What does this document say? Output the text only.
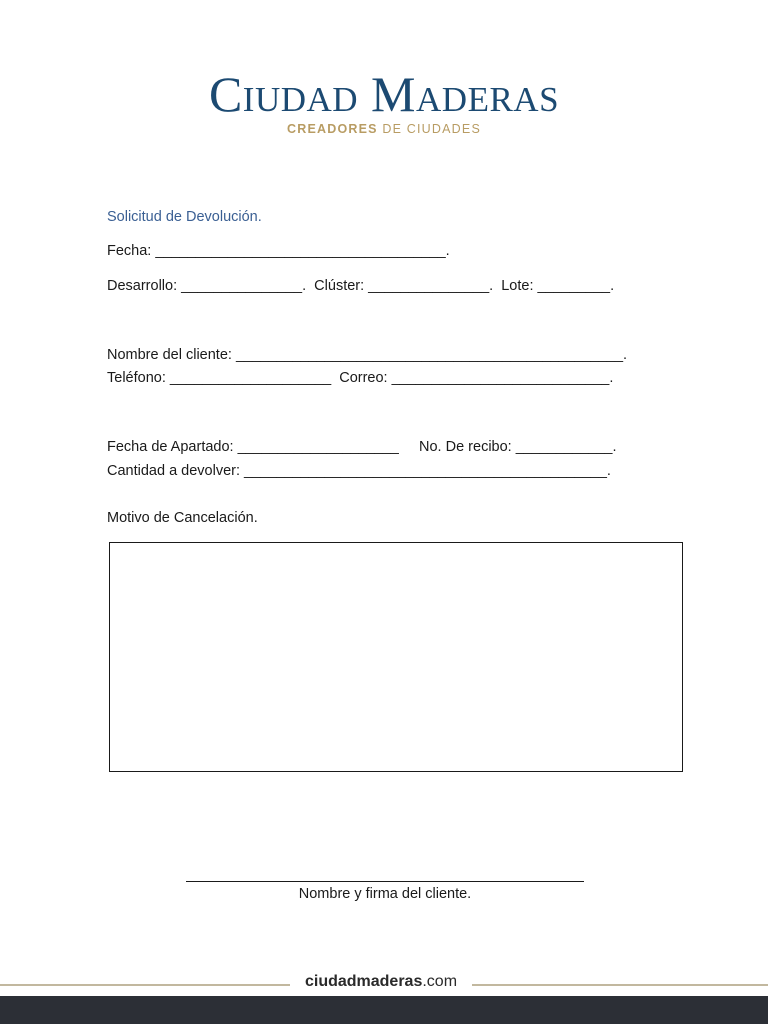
Ciudad Maderas
CREADORES DE CIUDADES
Solicitud de Devolución.
Fecha: ____________________________________.
Desarrollo: _______________.  Clúster: _______________.  Lote: _________.
Nombre del cliente: ________________________________________________.
Teléfono: ____________________  Correo: ___________________________.
Fecha de Apartado: ____________________     No. De recibo: ____________.
Cantidad a devolver: _____________________________________________.
Motivo de Cancelación.
Nombre y firma del cliente.
ciudadmaderas.com
